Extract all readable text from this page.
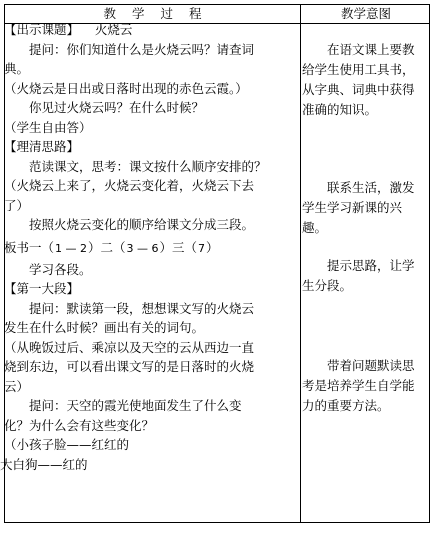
教 学 过 程	教学意图

【出示课题】 火烧云

提问：你们知道什么是火烧云吗？请查词

典。

（火烧云是日出或日落时出现的赤色云霞。）

你见过火烧云吗？在什么时候？

（学生自由答）

【理清思路】

范读课文，思考：课文按什么顺序安排的？

（火烧云上来了，火烧云变化着，火烧云下去

了）

按照火烧云变化的顺序给课文分成三段。

板书一（1 — 2）二（3 — 6）三（7）

学习各段。

【第一大段】

提问：默读第一段，想想课文写的火烧云

发生在什么时候？画出有关的词句。

（从晚饭过后、乘凉以及天空的云从西边一直

烧到东边，可以看出课文写的是日落时的火烧

云）

提问：天空的霞光使地面发生了什么变

化？为什么会有这些变化？

（小孩子脸——红红的

大白狗——红的

在语文课上要教给学生使用工具书，从字典、词典中获得准确的知识。

联系生活，激发学生学习新课的兴趣。

提示思路，让学生分段。

带着问题默读思考是培养学生自学能力的重要方法。
